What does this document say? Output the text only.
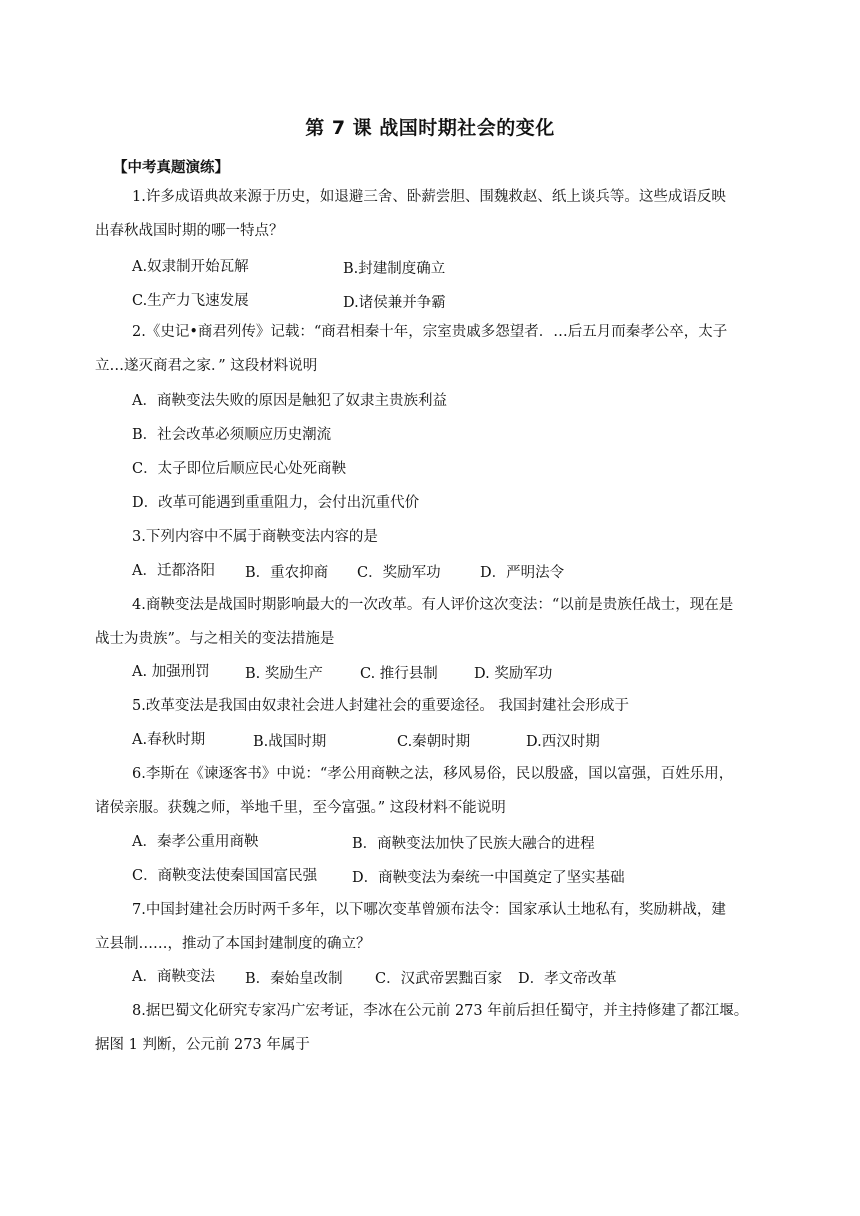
第 7 课 战国时期社会的变化
【中考真题演练】
1.许多成语典故来源于历史，如退避三舍、卧薪尝胆、围魏救赵、纸上谈兵等。这些成语反映
出春秋战国时期的哪一特点？
A.奴隶制开始瓦解	B.封建制度确立
C.生产力飞速发展	D.诸侯兼并争霸
2.《史记•商君列传》记载：“商君相秦十年，宗室贵戚多怨望者．…后五月而秦孝公卒，太子
立…遂灭商君之家．” 这段材料说明
A．商鞅变法失败的原因是触犯了奴隶主贵族利益
B．社会改革必须顺应历史潮流
C．太子即位后顺应民心处死商鞅
D．改革可能遇到重重阻力，会付出沉重代价
3.下列内容中不属于商鞅变法内容的是
A．迁都洛阳 B．重农抑商 C．奖励军功	D．严明法令
4.商鞅变法是战国时期影响最大的一次改革。有人评价这次变法：“以前是贵族任战士，现在是
战士为贵族”。与之相关的变法措施是
A. 加强刑罚 B. 奖励生产	C. 推行县制 D. 奖励军功
5.改革变法是我国由奴隶社会进人封建社会的重要途径。 我国封建社会形成于
A.春秋时期	B.战国时期	C.秦朝时期	D.西汉时期
6.李斯在《谏逐客书》中说：“孝公用商鞅之法，移风易俗，民以殷盛，国以富强，百姓乐用，
诸侯亲服。获魏之师，举地千里，至今富强。” 这段材料不能说明
A．秦孝公重用商鞅	B．商鞅变法加快了民族大融合的进程
C．商鞅变法使秦国国富民强 D．商鞅变法为秦统一中国奠定了坚实基础
7.中国封建社会历时两千多年，以下哪次变革曾颁布法令：国家承认土地私有，奖励耕战，建
立县制……，推动了本国封建制度的确立？
A．商鞅变法 B．秦始皇改制 C．汉武帝罢黜百家 D．孝文帝改革
8.据巴蜀文化研究专家冯广宏考证，李冰在公元前 273 年前后担任蜀守，并主持修建了都江堰。
据图 1 判断，公元前 273 年属于
